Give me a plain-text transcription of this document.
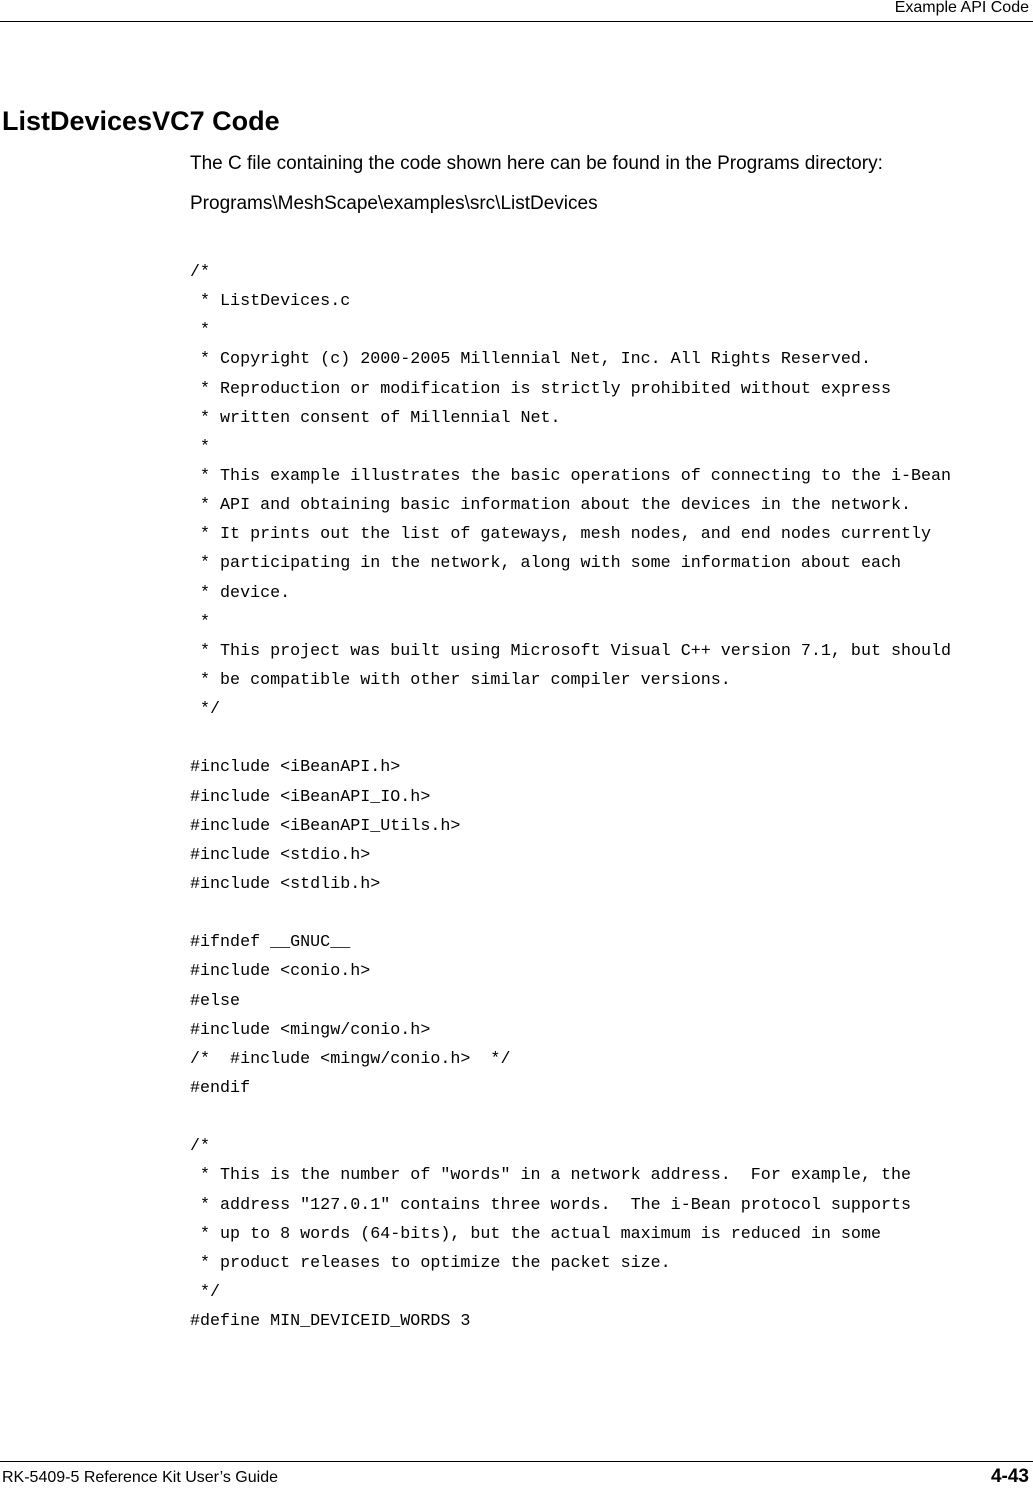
Example API Code
ListDevicesVC7 Code

The C file containing the code shown here can be found in the Programs directory:

Programs\MeshScape\examples\src\ListDevices

/*
* ListDevices.c
*
* Copyright (c) 2000-2005 Millennial Net, Inc. All Rights Reserved.
* Reproduction or modification is strictly prohibited without express
* written consent of Millennial Net.
*
* This example illustrates the basic operations of connecting to the i-Bean
* API and obtaining basic information about the devices in the network.
* It prints out the list of gateways, mesh nodes, and end nodes currently
* participating in the network, along with some information about each
* device.
*
* This project was built using Microsoft Visual C++ version 7.1, but should
* be compatible with other similar compiler versions.
*/
#include <iBeanAPI.h>
#include <iBeanAPI_IO.h>
#include <iBeanAPI_Utils.h>
#include <stdio.h>
#include <stdlib.h>
#ifndef __GNUC__
#include <conio.h>
#else
#include <mingw/conio.h>
/*  #include <mingw/conio.h>  */
#endif
/*
* This is the number of "words" in a network address.  For example, the
* address "127.0.1" contains three words.  The i-Bean protocol supports
* up to 8 words (64-bits), but the actual maximum is reduced in some
* product releases to optimize the packet size.
*/
#define MIN_DEVICEID_WORDS 3
RK-5409-5 Reference Kit User’s Guide	4-43
